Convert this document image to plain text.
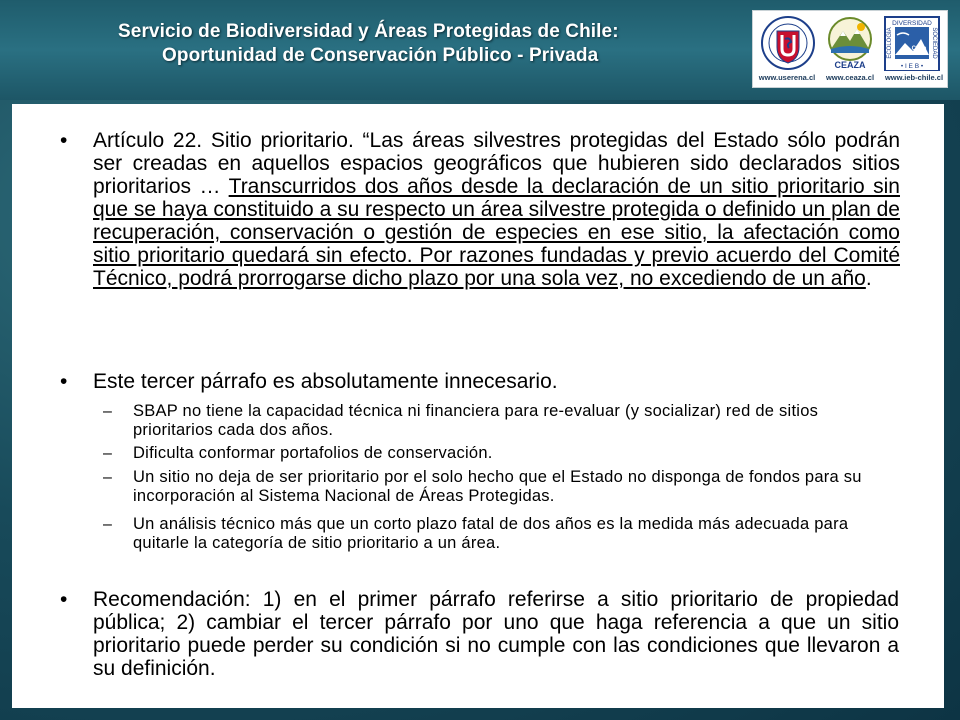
Servicio de Biodiversidad y Áreas Protegidas de Chile:
Oportunidad de Conservación Público - Privada	CEAZA
DIVERSIDAD
• I E B •
ECOLOGÍA	SOCIEDAD
Chile
www.userena.cl	www.ceaza.cl	www.ieb-chile.cl
• Artículo 22. Sitio prioritario. “Las áreas silvestres protegidas del Estado sólo podrán ser creadas en aquellos espacios geográficos que hubieren sido declarados sitios prioritarios … Transcurridos dos años desde la declaración de un sitio prioritario sin que se haya constituido a su respecto un área silvestre protegida o definido un plan de recuperación, conservación o gestión de especies en ese sitio, la afectación como sitio prioritario quedará sin efecto. Por razones fundadas y previo acuerdo del Comité Técnico, podrá prorrogarse dicho plazo por una sola vez, no excediendo de un año.
• Este tercer párrafo es absolutamente innecesario.
– SBAP no tiene la capacidad técnica ni financiera para re-evaluar (y socializar) red de sitios prioritarios cada dos años.
– Dificulta conformar portafolios de conservación.
– Un sitio no deja de ser prioritario por el solo hecho que el Estado no disponga de fondos para su incorporación al Sistema Nacional de Áreas Protegidas.
– Un análisis técnico más que un corto plazo fatal de dos años es la medida más adecuada para quitarle la categoría de sitio prioritario a un área.
• Recomendación: 1) en el primer párrafo referirse a sitio prioritario de propiedad pública; 2) cambiar el tercer párrafo por uno que haga referencia a que un sitio prioritario puede perder su condición si no cumple con las condiciones que llevaron a su definición.
